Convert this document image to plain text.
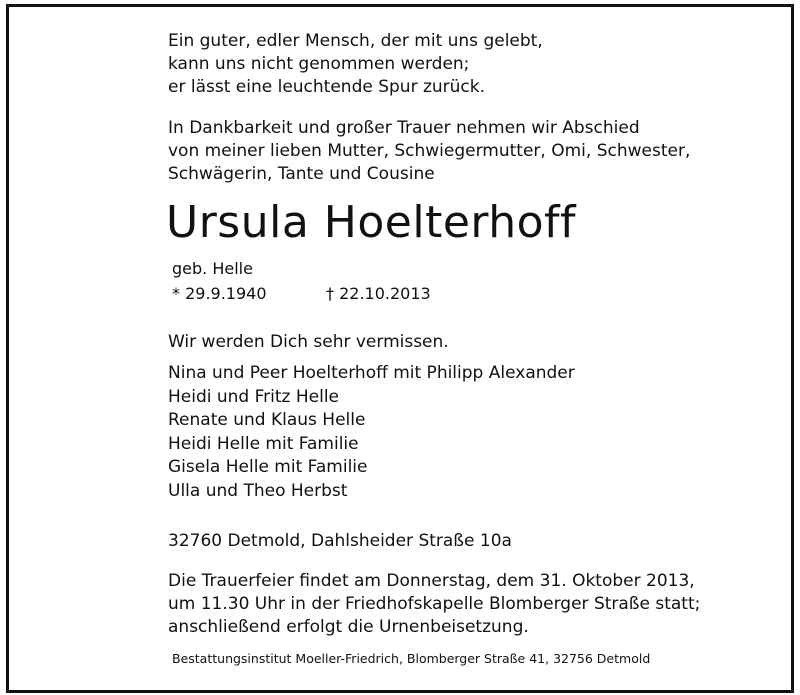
Ein guter, edler Mensch, der mit uns gelebt,
kann uns nicht genommen werden;
er lässt eine leuchtende Spur zurück.
In Dankbarkeit und großer Trauer nehmen wir Abschied
von meiner lieben Mutter, Schwiegermutter, Omi, Schwester,
Schwägerin, Tante und Cousine
Ursula Hoelterhoff
geb. Helle
* 29.9.1940	† 22.10.2013
Wir werden Dich sehr vermissen.
Nina und Peer Hoelterhoff mit Philipp Alexander
Heidi und Fritz Helle
Renate und Klaus Helle
Heidi Helle mit Familie
Gisela Helle mit Familie
Ulla und Theo Herbst
32760 Detmold, Dahlsheider Straße 10a
Die Trauerfeier findet am Donnerstag, dem 31. Oktober 2013,
um 11.30 Uhr in der Friedhofskapelle Blomberger Straße statt;
anschließend erfolgt die Urnenbeisetzung.
Bestattungsinstitut Moeller-Friedrich, Blomberger Straße 41, 32756 Detmold
